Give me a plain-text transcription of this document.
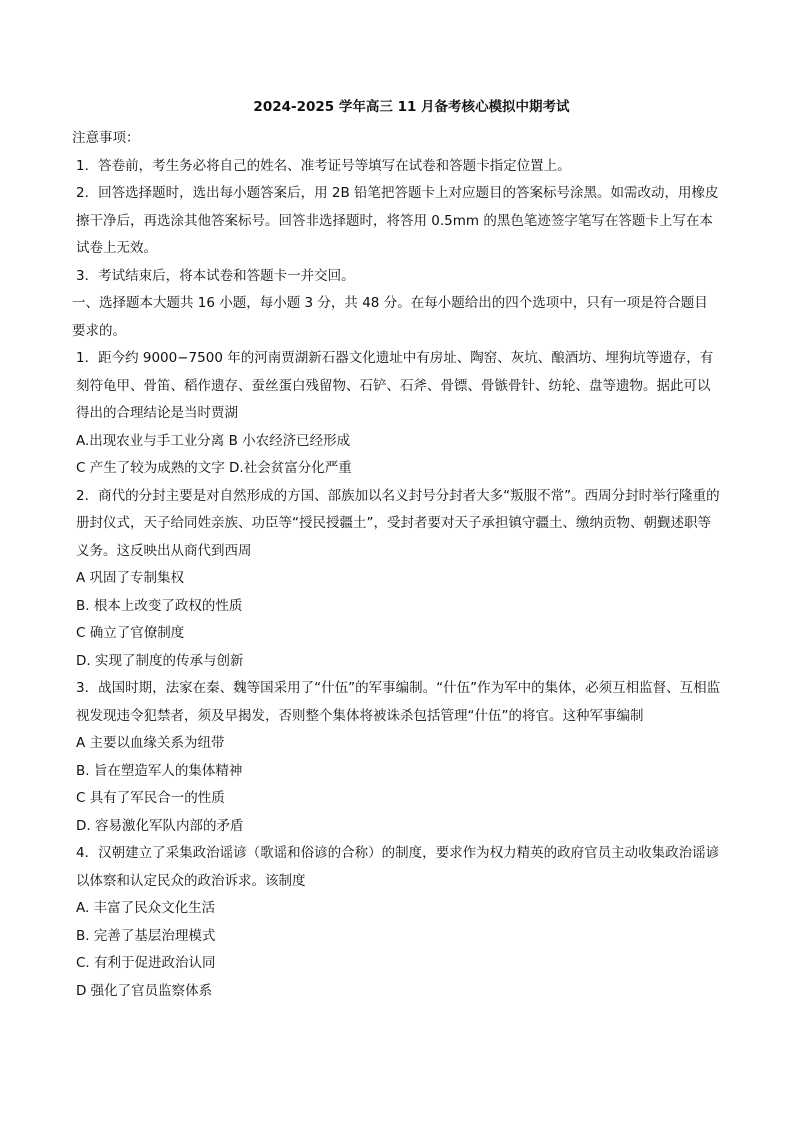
2024-2025 学年高三 11 月备考核心模拟中期考试

注意事项：

1．答卷前，考生务必将自己的姓名、准考证号等填写在试卷和答题卡指定位置上。

2．回答选择题时，选出每小题答案后，用 2B 铅笔把答题卡上对应题目的答案标号涂黑。如需改动，用橡皮擦干净后，再选涂其他答案标号。回答非选择题时，将答用 0.5mm 的黑色笔迹签字笔写在答题卡上写在本试卷上无效。

3．考试结束后，将本试卷和答题卡一并交回。

一、选择题本大题共 16 小题，每小题 3 分，共 48 分。在每小题给出的四个选项中，只有一项是符合题目要求的。

1．距今约 9000−7500 年的河南贾湖新石器文化遗址中有房址、陶窑、灰坑、酿酒坊、埋狗坑等遗存，有刻符龟甲、骨笛、稻作遗存、蚕丝蛋白残留物、石铲、石斧、骨镖、骨镞骨针、纺轮、盘等遗物。据此可以得出的合理结论是当时贾湖

A.出现农业与手工业分离 B 小农经济已经形成

C 产生了较为成熟的文字 D.社会贫富分化严重

2．商代的分封主要是对自然形成的方国、部族加以名义封号分封者大多“叛服不常”。西周分封时举行隆重的册封仪式，天子给同姓亲族、功臣等“授民授疆土”，受封者要对天子承担镇守疆土、缴纳贡物、朝觐述职等义务。这反映出从商代到西周

A 巩固了专制集权

B. 根本上改变了政权的性质

C 确立了官僚制度

D. 实现了制度的传承与创新

3．战国时期，法家在秦、魏等国采用了“什伍”的军事编制。“什伍”作为军中的集体，必须互相监督、互相监视发现违令犯禁者，须及早揭发，否则整个集体将被诛杀包括管理“什伍”的将官。这种军事编制

A 主要以血缘关系为纽带

B. 旨在塑造军人的集体精神

C 具有了军民合一的性质

D. 容易激化军队内部的矛盾

4．汉朝建立了采集政治谣谚（歌谣和俗谚的合称）的制度，要求作为权力精英的政府官员主动收集政治谣谚以体察和认定民众的政治诉求。该制度

A. 丰富了民众文化生活

B. 完善了基层治理模式

C. 有利于促进政治认同

D 强化了官员监察体系
